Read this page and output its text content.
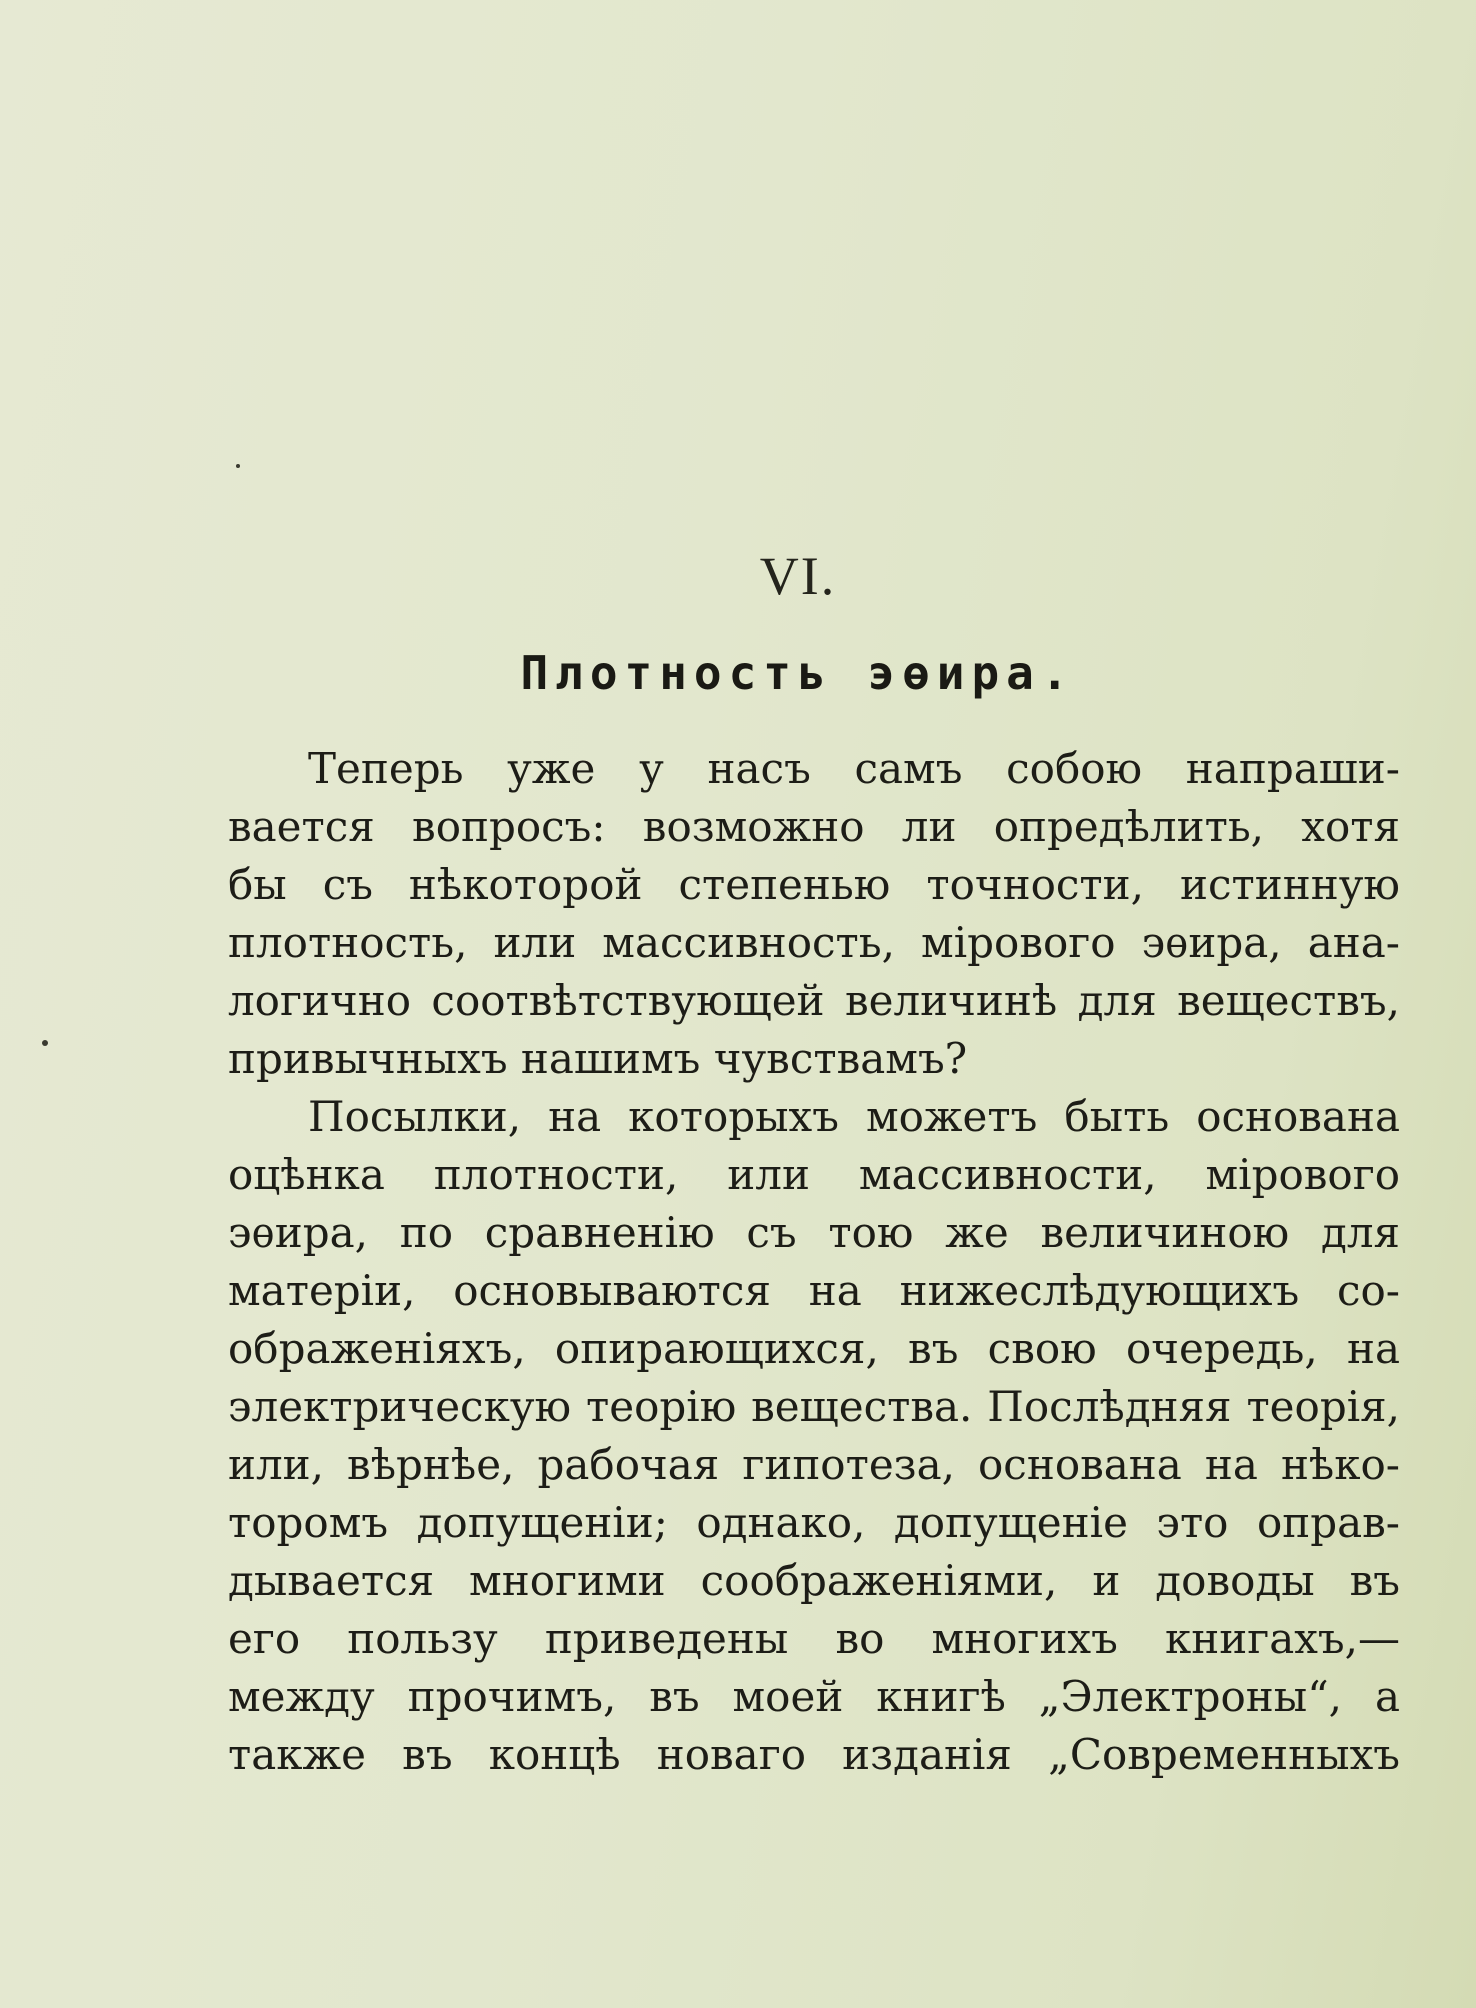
VI.
Плотность эѳира.
Теперь уже у насъ самъ собою напраши-
вается вопросъ: возможно ли опредѣлить, хотя
бы съ нѣкоторой степенью точности, истинную
плотность, или массивность, мірового эѳира, ана-
логично соотвѣтствующей величинѣ для веществъ,
привычныхъ нашимъ чувствамъ?
Посылки, на которыхъ можетъ быть основана
оцѣнка плотности, или массивности, мірового
эѳира, по сравненію съ тою же величиною для
матеріи, основываются на нижеслѣдующихъ со-
ображеніяхъ, опирающихся, въ свою очередь, на
электрическую теорію вещества. Послѣдняя теорія,
или, вѣрнѣе, рабочая гипотеза, основана на нѣко-
торомъ допущеніи; однако, допущеніе это оправ-
дывается многими соображеніями, и доводы въ
его пользу приведены во многихъ книгахъ,—
между прочимъ, въ моей книгѣ „Электроны“, а
также въ концѣ новаго изданія „Современныхъ
